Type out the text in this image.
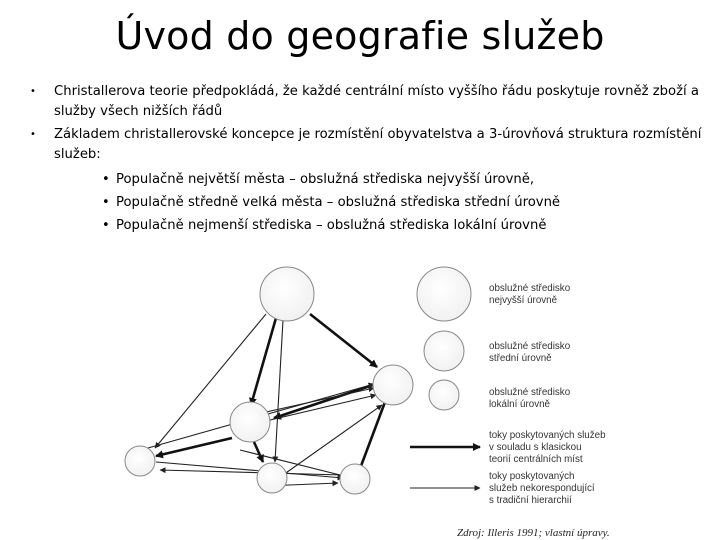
Úvod do geografie služeb
• Christallerova teorie předpokládá, že každé centrální místo vyššího řádu poskytuje rovněž zboží a služby všech nižších řádů
• Základem christallerovské koncepce je rozmístění obyvatelstva a 3-úrovňová struktura rozmístění služeb:
• Populačně největší města – obslužná střediska nejvyšší úrovně,
• Populačně středně velká města – obslužná střediska střední úrovně
• Populačně nejmenší střediska – obslužná střediska lokální úrovně
obslužné středisko nejvyšší úrovně
obslužné středisko střední úrovně
obslužné středisko lokální úrovně
toky poskytovaných služeb v souladu s klasickou teorií centrálních míst
toky poskytovaných služeb nekorespondující s tradiční hierarchií
Zdroj: Illeris 1991; vlastní úpravy.
